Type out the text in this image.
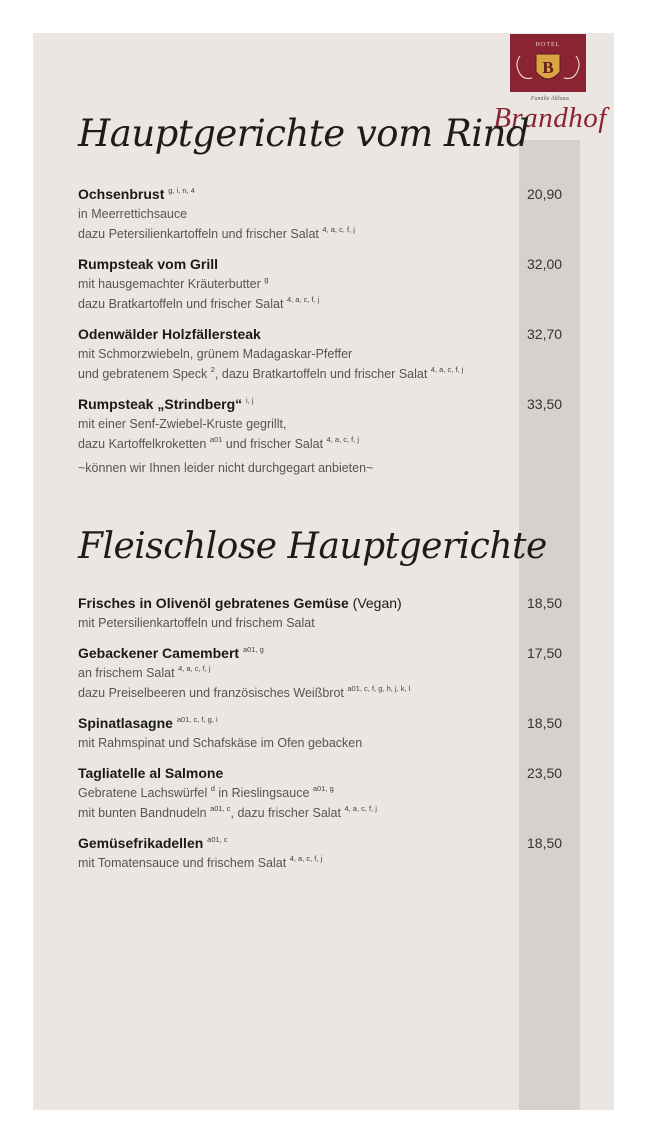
HOTEL
B
Familie Althaus
Brandhof
Hauptgerichte vom Rind
Fleischlose Hauptgerichte
Ochsenbrust $^{g, i, n, 4}$
in Meerrettichsauce
dazu Petersilienkartoffeln und frischer Salat $^{4, a, c, f, j}$
20,90
Rumpsteak vom Grill
mit hausgemachter Kräuterbutter $^g$
dazu Bratkartoffeln und frischer Salat $^{4, a, c, f, j}$
32,00
Odenwälder Holzfällersteak
mit Schmorzwiebeln, grünem Madagaskar-Pfeffer
und gebratenem Speck $^2$, dazu Bratkartoffeln und frischer Salat $^{4, a, c, f, j}$
32,70
Rumpsteak „Strindberg“ $^{i, j}$
mit einer Senf-Zwiebel-Kruste gegrillt,
dazu Kartoffelkroketten $^{a01}$ und frischer Salat $^{4, a, c, f, j}$
33,50
Frisches in Olivenöl gebratenes Gemüse (Vegan)
mit Petersilienkartoffeln und frischem Salat
18,50
Gebackener Camembert $^{a01, g}$
an frischem Salat $^{4, a, c, f, j}$
dazu Preiselbeeren und französisches Weißbrot $^{a01, c, f, g, h, j, k, l}$
17,50
Spinatlasagne $^{a01, c, f, g, i}$
mit Rahmspinat und Schafskäse im Ofen gebacken
18,50
Tagliatelle al Salmone
Gebratene Lachswürfel $^d$ in Rieslingsauce $^{a01, g}$
mit bunten Bandnudeln $^{a01, c}$, dazu frischer Salat $^{4, a, c, f, j}$
23,50
Gemüsefrikadellen $^{a01, c}$
mit Tomatensauce und frischem Salat $^{4, a, c, f, j}$
18,50
~können wir Ihnen leider nicht durchgegart anbieten~
